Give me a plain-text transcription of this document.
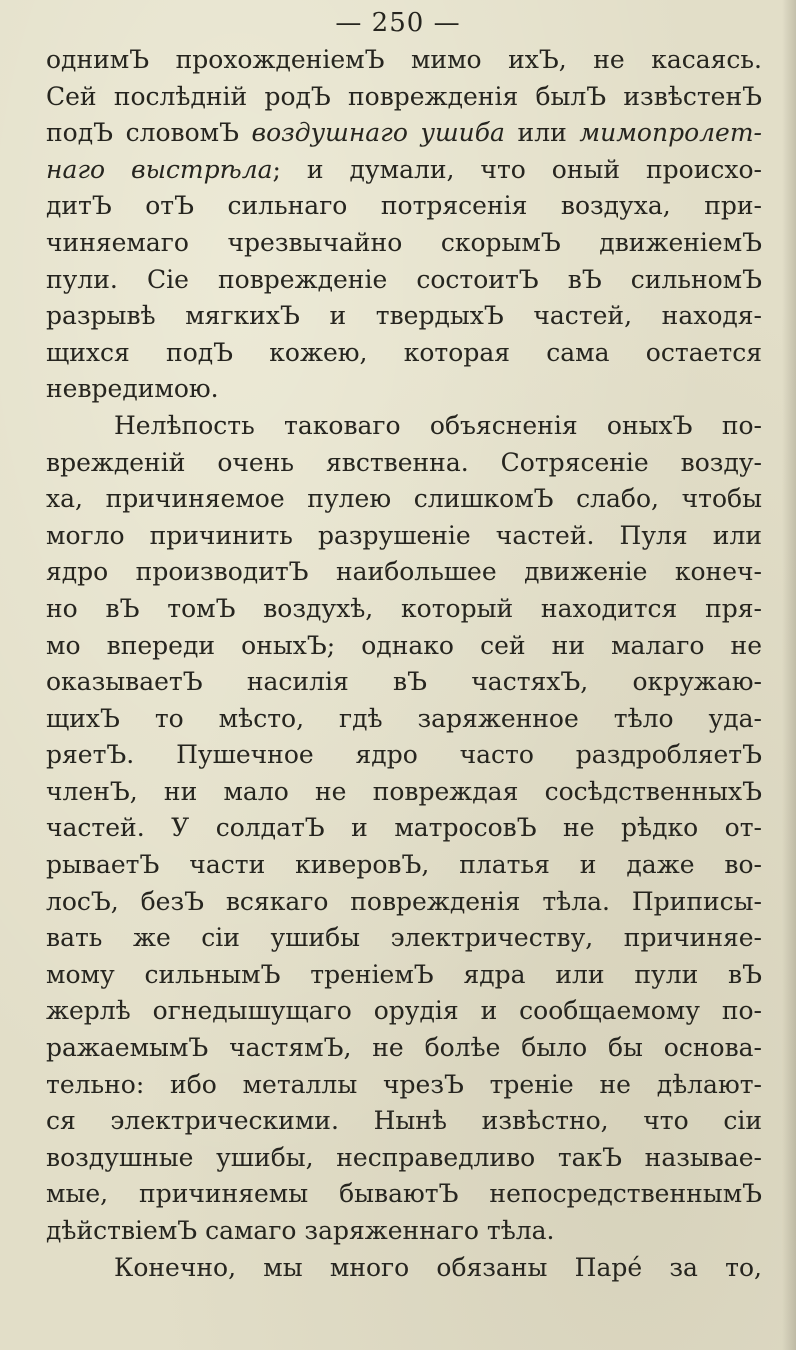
— 250 —
однимЪ прохожденіемЪ мимо ихЪ, не касаясь.
Сей послѣдній родЪ поврежденія былЪ извѣстенЪ
подЪ словомЪ воздушнаго ушиба или мимопролет-
наго выстрѣла; и думали, что оный происхо-
дитЪ отЪ сильнаго потрясенія воздуха, при-
чиняемаго чрезвычайно скорымЪ движеніемЪ
пули. Сіе поврежденіе состоитЪ вЪ сильномЪ
разрывѣ мягкихЪ и твердыхЪ частей, находя-
щихся подЪ кожею, которая сама остается
невредимою.
Нелѣпость таковаго объясненія оныхЪ по-
врежденій очень явственна. Сотрясеніе возду-
ха, причиняемое пулею слишкомЪ слабо, чтобы
могло причинить разрушеніе частей. Пуля или
ядро производитЪ наибольшее движеніе конеч-
но вЪ томЪ воздухѣ, который находится пря-
мо впереди оныхЪ; однако сей ни малаго не
оказываетЪ насилія вЪ частяхЪ, окружаю-
щихЪ то мѣсто, гдѣ заряженное тѣло уда-
ряетЪ. Пушечное ядро часто раздробляетЪ
членЪ, ни мало не повреждая сосѣдственныхЪ
частей. У солдатЪ и матросовЪ не рѣдко от-
рываетЪ части киверовЪ, платья и даже во-
лосЪ, безЪ всякаго поврежденія тѣла. Приписы-
вать же сіи ушибы электричеству, причиняе-
мому сильнымЪ треніемЪ ядра или пули вЪ
жерлѣ огнедышущаго орудія и сообщаемому по-
ражаемымЪ частямЪ, не болѣе было бы основа-
тельно: ибо металлы чрезЪ треніе не дѣлают-
ся электрическими. Нынѣ извѣстно, что сіи
воздушные ушибы, несправедливо такЪ называе-
мые, причиняемы бываютЪ непосредственнымЪ
дѣйствіемЪ самаго заряженнаго тѣла.
Конечно, мы много обязаны Парé за то,
